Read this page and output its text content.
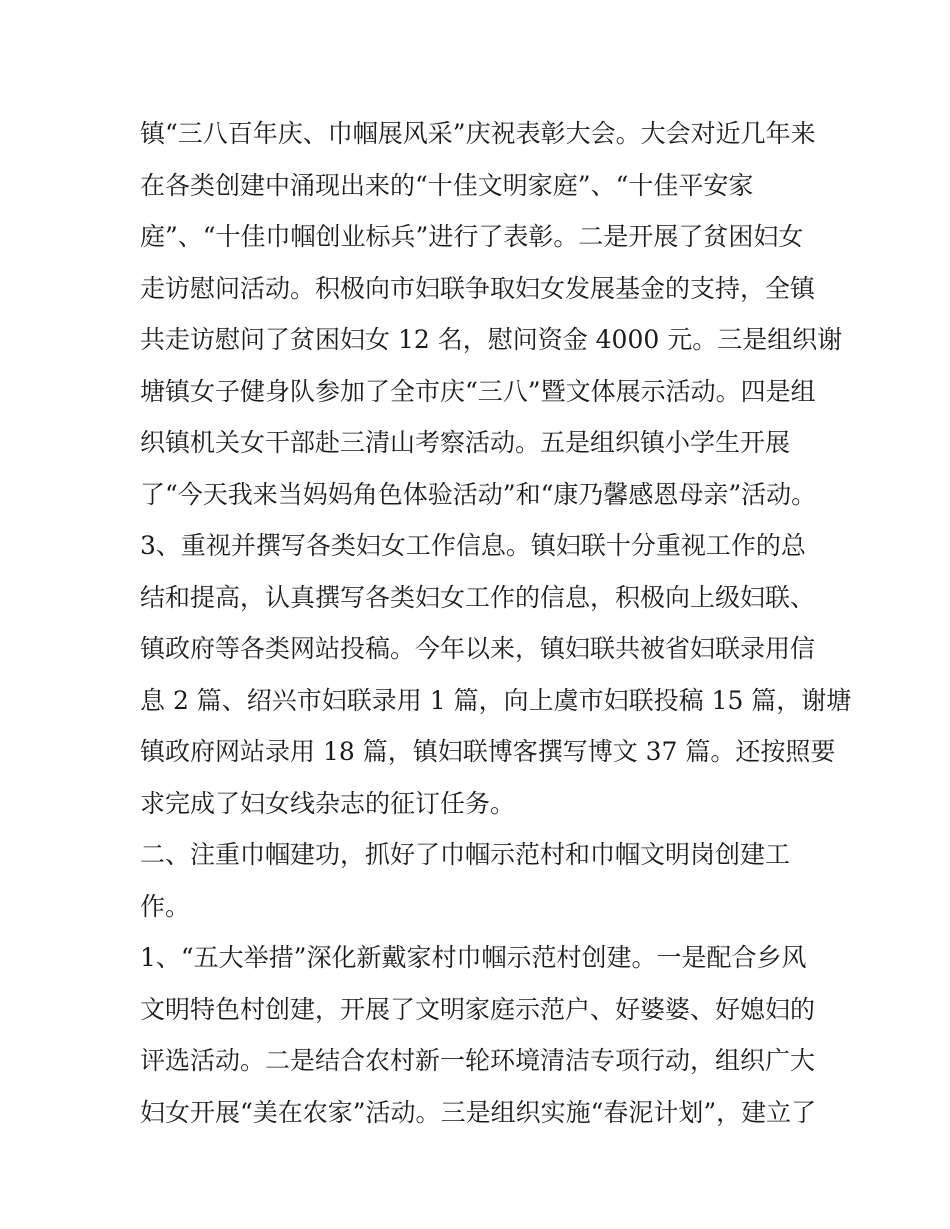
镇“三八百年庆、巾帼展风采”庆祝表彰大会。大会对近几年来
在各类创建中涌现出来的“十佳文明家庭”、“十佳平安家
庭”、“十佳巾帼创业标兵”进行了表彰。二是开展了贫困妇女
走访慰问活动。积极向市妇联争取妇女发展基金的支持，全镇
共走访慰问了贫困妇女 12 名，慰问资金 4000 元。三是组织谢
塘镇女子健身队参加了全市庆“三八”暨文体展示活动。四是组
织镇机关女干部赴三清山考察活动。五是组织镇小学生开展
了“今天我来当妈妈角色体验活动”和“康乃馨感恩母亲”活动。
3、重视并撰写各类妇女工作信息。镇妇联十分重视工作的总
结和提高，认真撰写各类妇女工作的信息，积极向上级妇联、
镇政府等各类网站投稿。今年以来，镇妇联共被省妇联录用信
息 2 篇、绍兴市妇联录用 1 篇，向上虞市妇联投稿 15 篇，谢塘
镇政府网站录用 18 篇，镇妇联博客撰写博文 37 篇。还按照要
求完成了妇女线杂志的征订任务。
二、注重巾帼建功，抓好了巾帼示范村和巾帼文明岗创建工
作。
1、“五大举措”深化新戴家村巾帼示范村创建。一是配合乡风
文明特色村创建，开展了文明家庭示范户、好婆婆、好媳妇的
评选活动。二是结合农村新一轮环境清洁专项行动，组织广大
妇女开展“美在农家”活动。三是组织实施“春泥计划”，建立了
